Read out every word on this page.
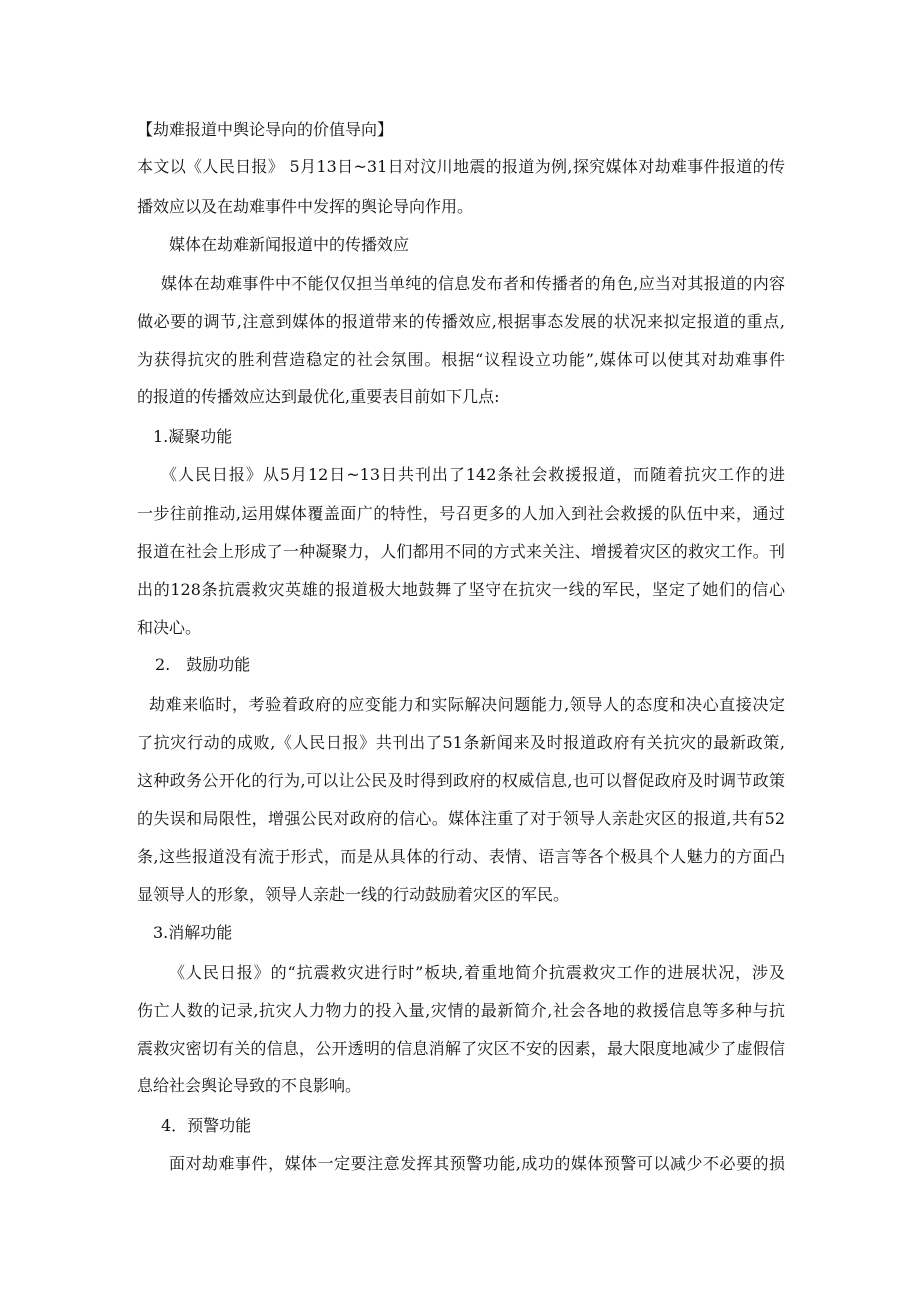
【劫难报道中舆论导向的价值导向】
本文以《人民日报》 5月13日~31日对汶川地震的报道为例,探究媒体对劫难事件报道的传
播效应以及在劫难事件中发挥的舆论导向作用。
媒体在劫难新闻报道中的传播效应
媒体在劫难事件中不能仅仅担当单纯的信息发布者和传播者的角色,应当对其报道的内容
做必要的调节,注意到媒体的报道带来的传播效应,根据事态发展的状况来拟定报道的重点,
为获得抗灾的胜利营造稳定的社会氛围。根据“议程设立功能”,媒体可以使其对劫难事件
的报道的传播效应达到最优化,重要表目前如下几点:
1.凝聚功能
《人民日报》从5月12日~13日共刊出了142条社会救援报道，而随着抗灾工作的进
一步往前推动,运用媒体覆盖面广的特性，号召更多的人加入到社会救援的队伍中来，通过
报道在社会上形成了一种凝聚力，人们都用不同的方式来关注、增援着灾区的救灾工作。刊
出的128条抗震救灾英雄的报道极大地鼓舞了坚守在抗灾一线的军民，坚定了她们的信心
和决心。
2.　鼓励功能
劫难来临时，考验着政府的应变能力和实际解决问题能力,领导人的态度和决心直接决定
了抗灾行动的成败,《人民日报》共刊出了51条新闻来及时报道政府有关抗灾的最新政策,
这种政务公开化的行为,可以让公民及时得到政府的权威信息,也可以督促政府及时调节政策
的失误和局限性，增强公民对政府的信心。媒体注重了对于领导人亲赴灾区的报道,共有52
条,这些报道没有流于形式，而是从具体的行动、表情、语言等各个极具个人魅力的方面凸
显领导人的形象，领导人亲赴一线的行动鼓励着灾区的军民。
3.消解功能
《人民日报》的“抗震救灾进行时”板块,着重地简介抗震救灾工作的进展状况，涉及
伤亡人数的记录,抗灾人力物力的投入量,灾情的最新简介,社会各地的救援信息等多种与抗
震救灾密切有关的信息，公开透明的信息消解了灾区不安的因素，最大限度地减少了虚假信
息给社会舆论导致的不良影响。
4．预警功能
面对劫难事件，媒体一定要注意发挥其预警功能,成功的媒体预警可以减少不必要的损
